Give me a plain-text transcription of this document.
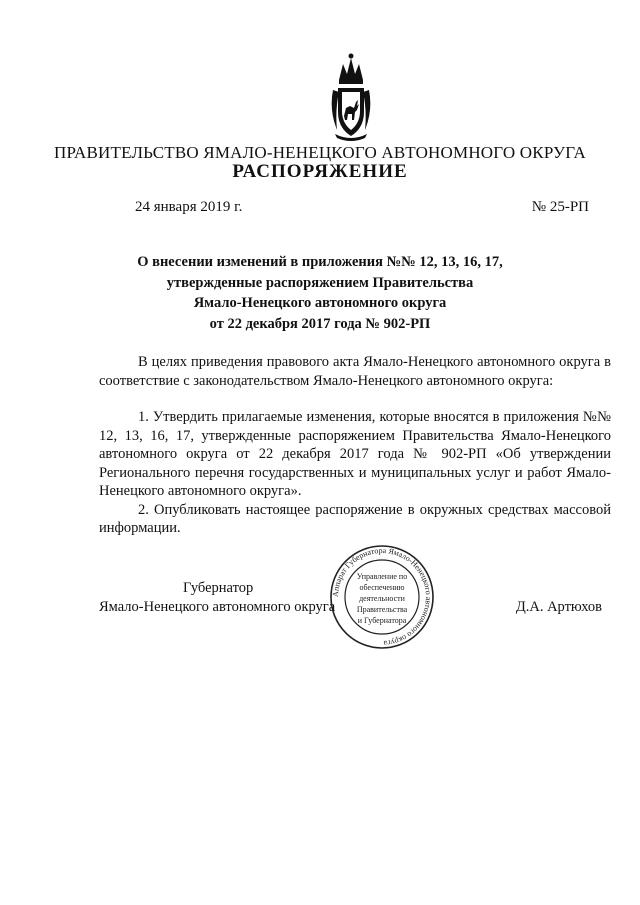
ПРАВИТЕЛЬСТВО ЯМАЛО-НЕНЕЦКОГО АВТОНОМНОГО ОКРУГА
РАСПОРЯЖЕНИЕ
24 января 2019 г.	№ 25-РП
О внесении изменений в приложения №№ 12, 13, 16, 17,
утвержденные распоряжением Правительства
Ямало-Ненецкого автономного округа
от 22 декабря 2017 года № 902-РП

В целях приведения правового акта Ямало-Ненецкого автономного округа в соответствие с законодательством Ямало-Ненецкого автономного округа:

1. Утвердить прилагаемые изменения, которые вносятся в приложения №№ 12, 13, 16, 17, утвержденные распоряжением Правительства Ямало-Ненецкого автономного округа от 22 декабря 2017 года № 902-РП «Об утверждении Регионального перечня государственных и муниципальных услуг и работ Ямало-Ненецкого автономного округа».

2. Опубликовать настоящее распоряжение в окружных средствах массовой информации.

Губернатор
Ямало-Ненецкого автономного округа	Д.А. Артюхов
Аппарат Губернатора Ямало-Ненецкого автономного округа
Управление по
обеспечению
деятельности
Правительства
и Губернатора
